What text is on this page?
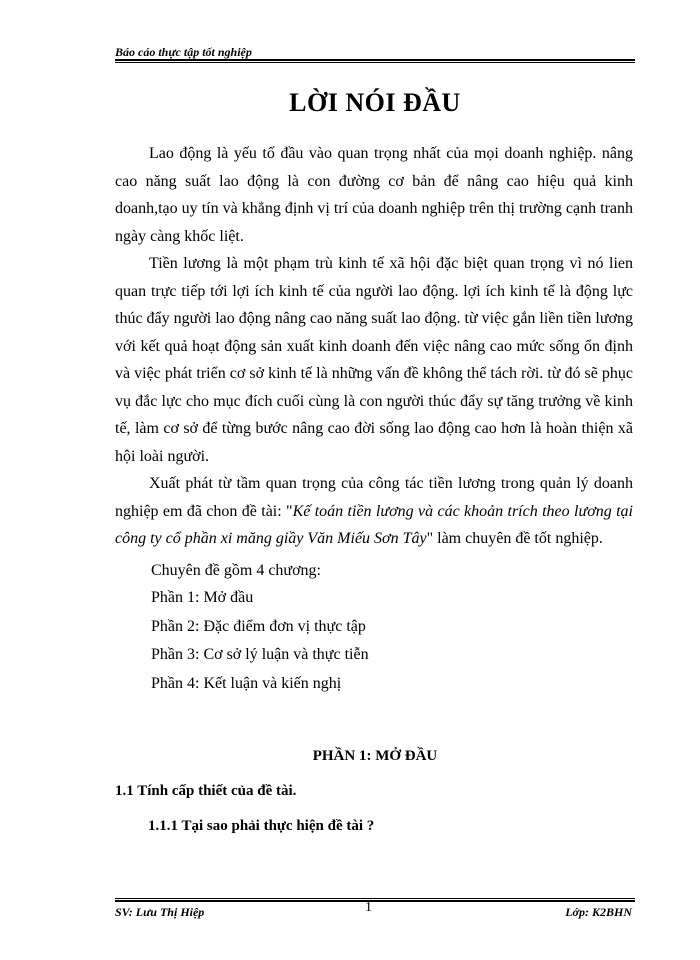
Báo cáo thực tập tốt nghiệp
LỜI NÓI ĐẦU

Lao động là yếu tố đầu vào quan trọng nhất của mọi doanh nghiệp. nâng cao năng suất lao động là con đường cơ bản để nâng cao hiệu quả kinh doanh,tạo uy tín và khẳng định vị trí của doanh nghiệp trên thị trường cạnh tranh ngày càng khốc liệt.

Tiền lương là một phạm trù kinh tế xã hội đặc biệt quan trọng vì nó lien quan trực tiếp tới lợi ích kinh tế của người lao động. lợi ích kinh tế là động lực thúc đẩy người lao động nâng cao năng suất lao động. từ việc gắn liền tiền lương với kết quả hoạt động sản xuất kinh doanh đến việc nâng cao mức sống ổn định và việc phát triển cơ sở kinh tế là những vấn đề không thể tách rời. từ đó sẽ phục vụ đắc lực cho mục đích cuối cùng là con người thúc đẩy sự tăng trưởng về kinh tế, làm cơ sở để từng bước nâng cao đời sống lao động cao hơn là hoàn thiện xã hội loài người.

Xuất phát từ tầm quan trọng của công tác tiền lương trong quản lý doanh nghiệp em đã chon đề tài: "Kế toán tiền lương và các khoản trích theo lương tại công ty cổ phần xi măng giầy Văn Miếu Sơn Tây" làm chuyên đề tốt nghiệp.

Chuyên đề gồm 4 chương:

Phần 1: Mở đầu
Phần 2: Đặc điểm đơn vị thực tập
Phần 3: Cơ sở lý luận và thực tiễn
Phần 4: Kết luận và kiến nghị
PHẦN 1: MỞ ĐẦU
1.1 Tính cấp thiết của đề tài.
1.1.1 Tại sao phải thực hiện đề tài ?
SV: Lưu Thị Hiệp	1	Lớp: K2BHN
